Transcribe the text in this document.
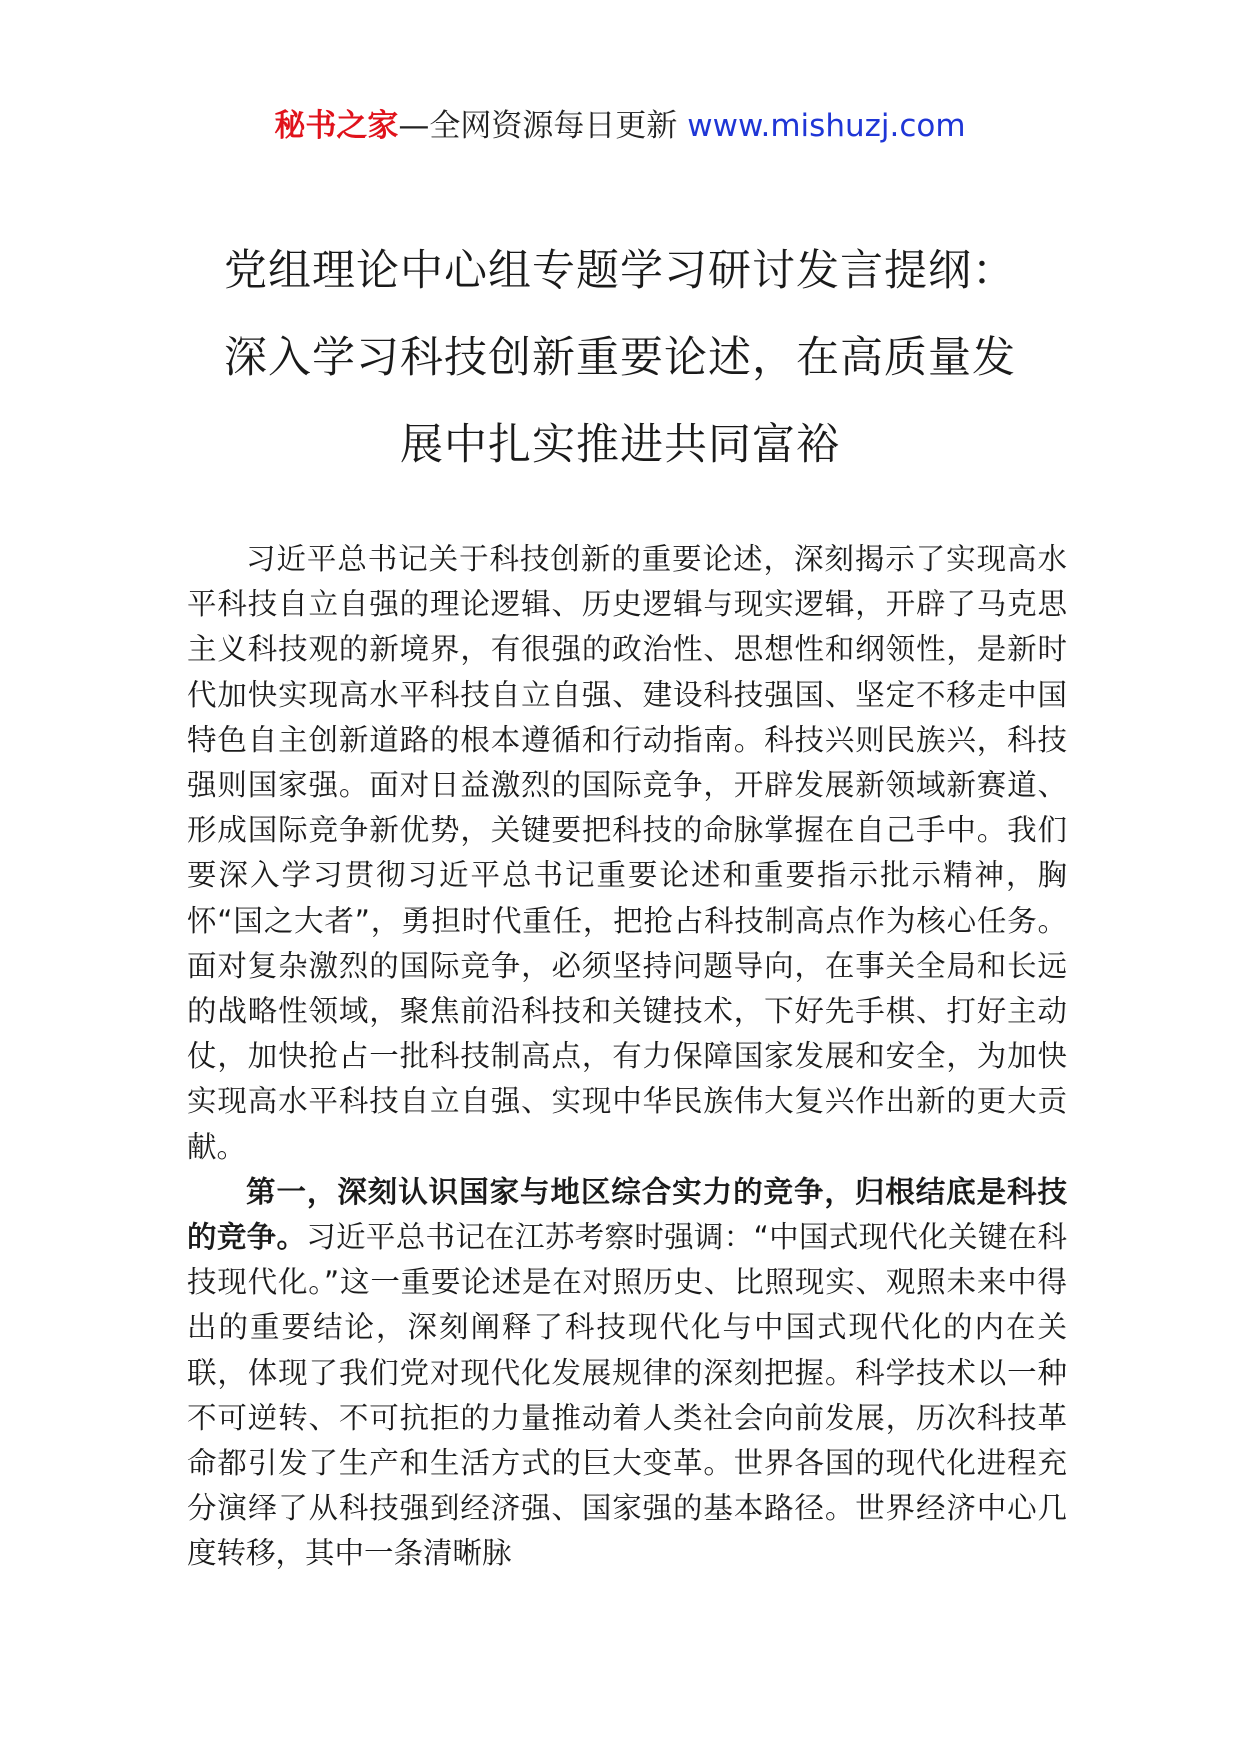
秘书之家—全网资源每日更新 www.mishuzj.com
党组理论中心组专题学习研讨发言提纲：
深入学习科技创新重要论述，在高质量发
展中扎实推进共同富裕

习近平总书记关于科技创新的重要论述，深刻揭示了实现高水平科技自立自强的理论逻辑、历史逻辑与现实逻辑，开辟了马克思主义科技观的新境界，有很强的政治性、思想性和纲领性，是新时代加快实现高水平科技自立自强、建设科技强国、坚定不移走中国特色自主创新道路的根本遵循和行动指南。科技兴则民族兴，科技强则国家强。面对日益激烈的国际竞争，开辟发展新领域新赛道、形成国际竞争新优势，关键要把科技的命脉掌握在自己手中。我们要深入学习贯彻习近平总书记重要论述和重要指示批示精神，胸怀“国之大者”，勇担时代重任，把抢占科技制高点作为核心任务。面对复杂激烈的国际竞争，必须坚持问题导向，在事关全局和长远的战略性领域，聚焦前沿科技和关键技术，下好先手棋、打好主动仗，加快抢占一批科技制高点，有力保障国家发展和安全，为加快实现高水平科技自立自强、实现中华民族伟大复兴作出新的更大贡献。

第一，深刻认识国家与地区综合实力的竞争，归根结底是科技的竞争。习近平总书记在江苏考察时强调：“中国式现代化关键在科技现代化。”这一重要论述是在对照历史、比照现实、观照未来中得出的重要结论，深刻阐释了科技现代化与中国式现代化的内在关联，体现了我们党对现代化发展规律的深刻把握。科学技术以一种不可逆转、不可抗拒的力量推动着人类社会向前发展，历次科技革命都引发了生产和生活方式的巨大变革。世界各国的现代化进程充分演绎了从科技强到经济强、国家强的基本路径。世界经济中心几度转移，其中一条清晰脉
